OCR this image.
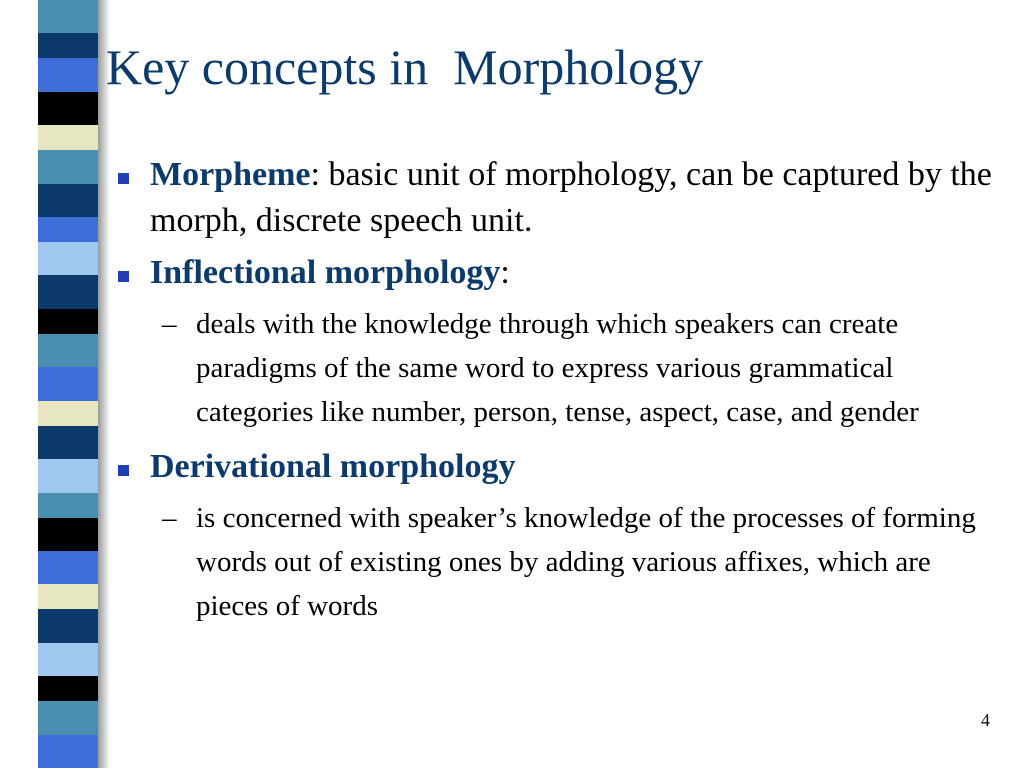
Key concepts in  Morphology
Morpheme: basic unit of morphology, can be captured by the morph, discrete speech unit.
Inflectional morphology:
– deals with the knowledge through which speakers can create paradigms of the same word to express various grammatical categories like number, person, tense, aspect, case, and gender
Derivational morphology
– is concerned with speaker’s knowledge of the processes of forming words out of existing ones by adding various affixes, which are pieces of words
4
